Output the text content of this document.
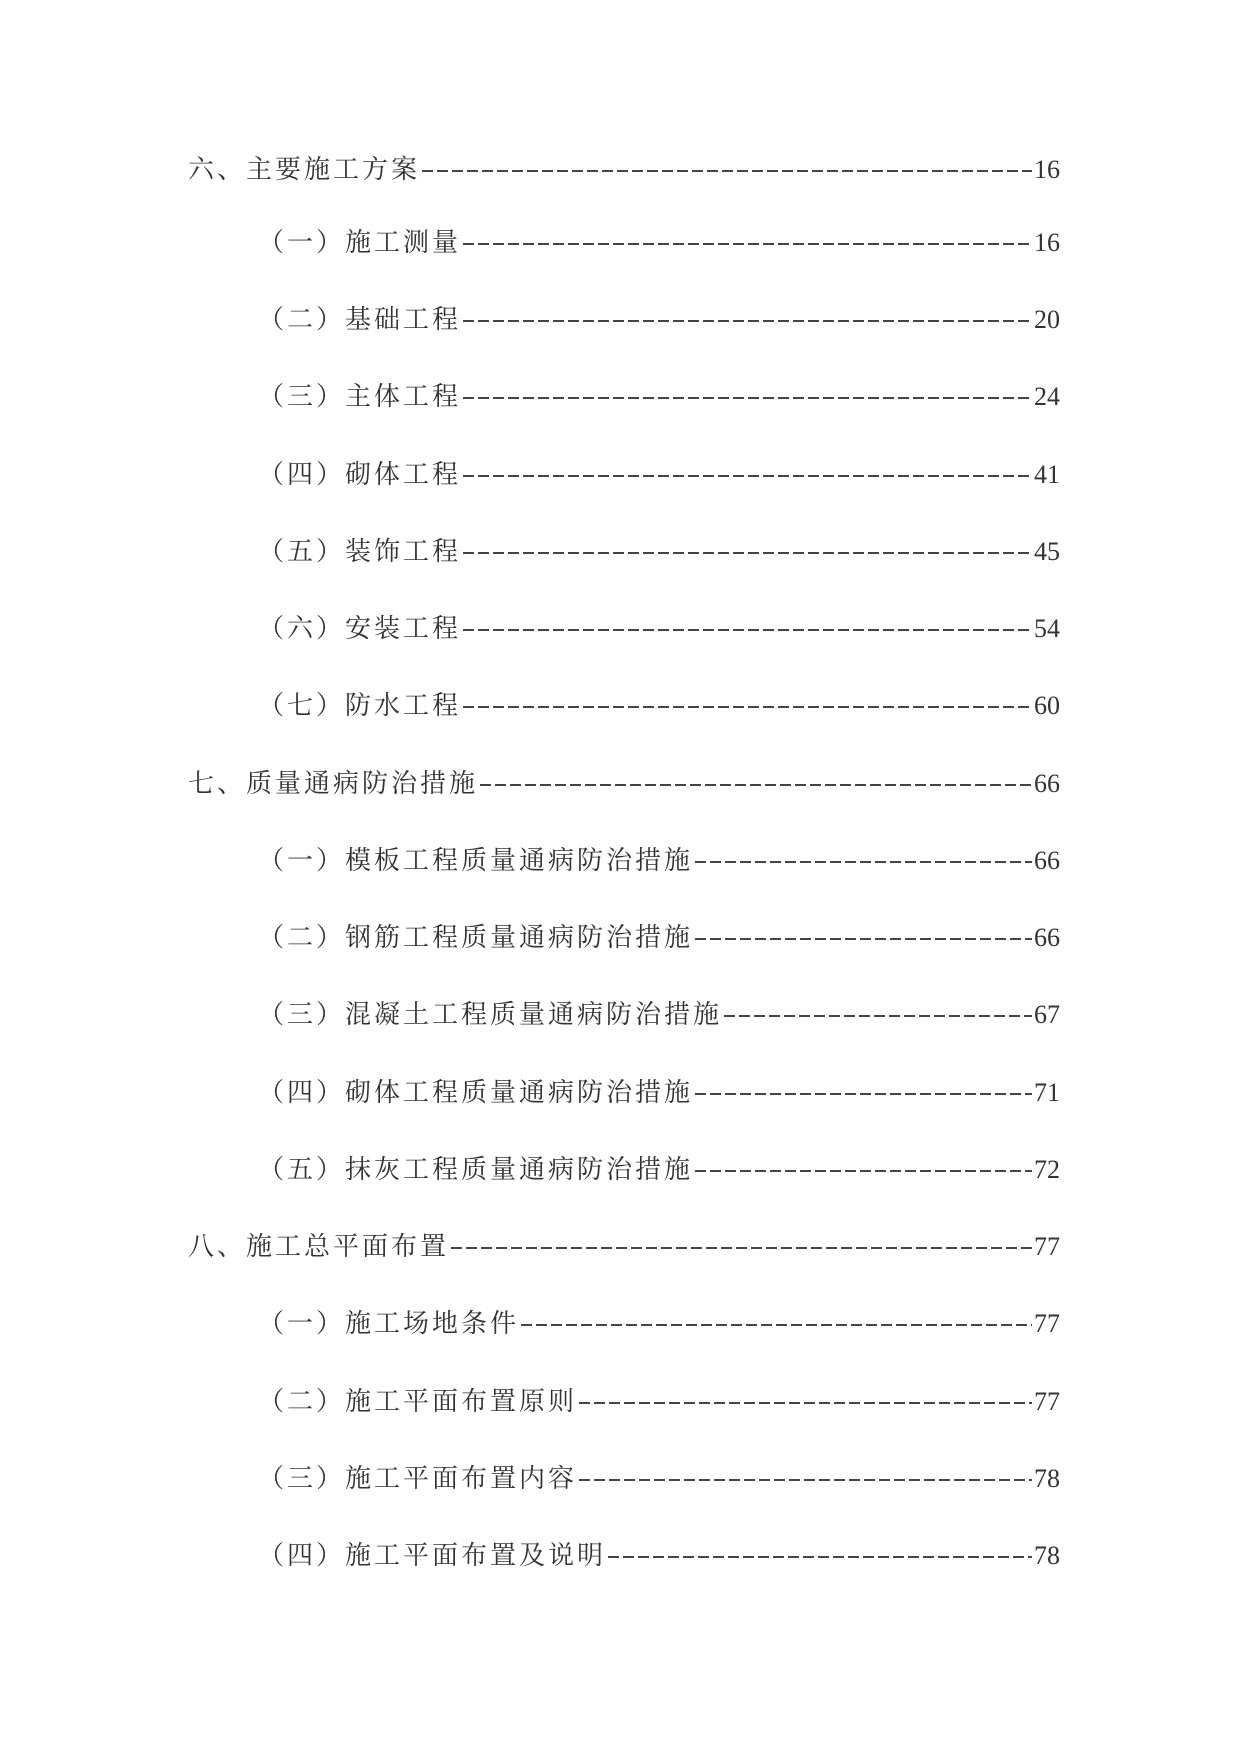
六、主要施工方案	16
（一）施工测量	16
（二）基础工程	20
（三）主体工程	24
（四）砌体工程	41
（五）装饰工程	45
（六）安装工程	54
（七）防水工程	60
七、质量通病防治措施	66
（一）模板工程质量通病防治措施	66
（二）钢筋工程质量通病防治措施	66
（三）混凝土工程质量通病防治措施	67
（四）砌体工程质量通病防治措施	71
（五）抹灰工程质量通病防治措施	72
八、施工总平面布置	77
（一）施工场地条件	77
（二）施工平面布置原则	77
（三）施工平面布置内容	78
（四）施工平面布置及说明	78
